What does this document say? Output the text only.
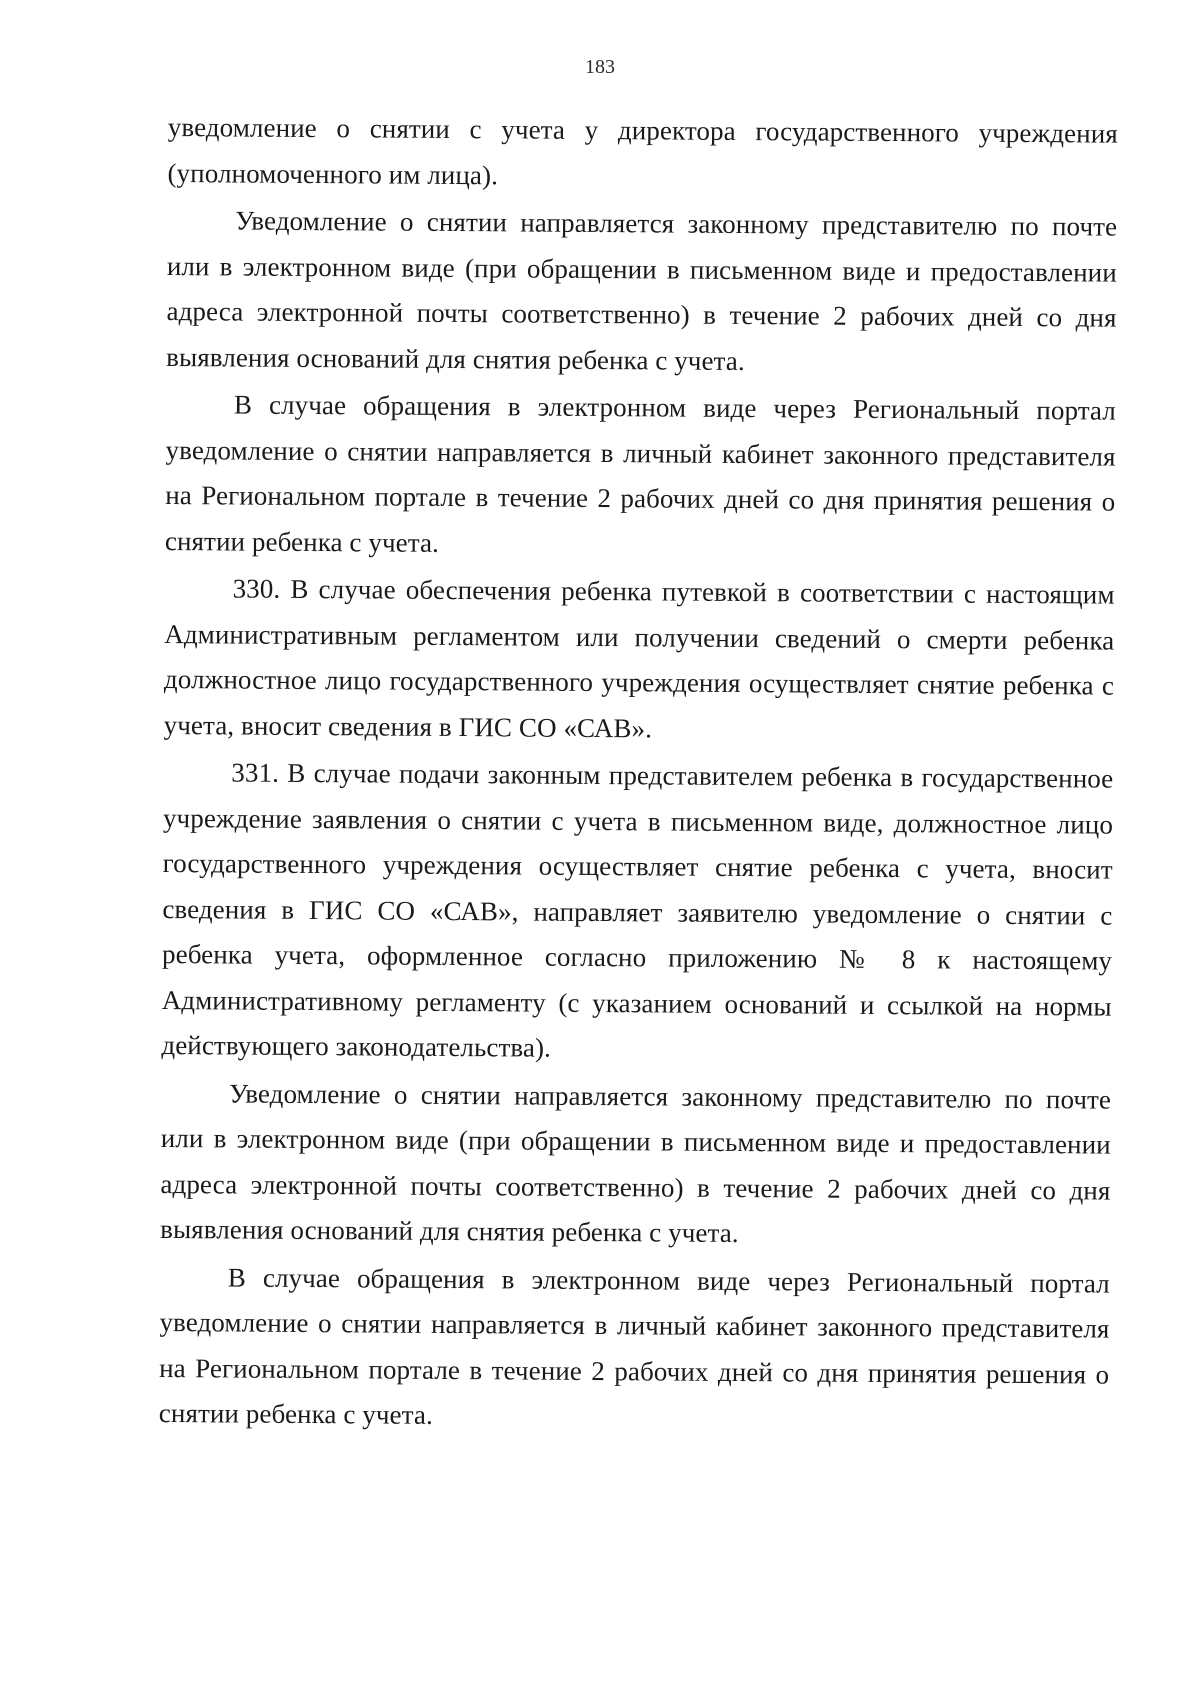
183

уведомление о снятии с учета у директора государственного учреждения (уполномоченного им лица).

Уведомление о снятии направляется законному представителю по почте или в электронном виде (при обращении в письменном виде и предоставлении адреса электронной почты соответственно) в течение 2 рабочих дней со дня выявления оснований для снятия ребенка с учета.

В случае обращения в электронном виде через Региональный портал уведомление о снятии направляется в личный кабинет законного представителя на Региональном портале в течение 2 рабочих дней со дня принятия решения о снятии ребенка с учета.

330. В случае обеспечения ребенка путевкой в соответствии с настоящим Административным регламентом или получении сведений о смерти ребенка должностное лицо государственного учреждения осуществляет снятие ребенка с учета, вносит сведения в ГИС СО «САВ».

331. В случае подачи законным представителем ребенка в государственное учреждение заявления о снятии с учета в письменном виде, должностное лицо государственного учреждения осуществляет снятие ребенка с учета, вносит сведения в ГИС СО «САВ», направляет заявителю уведомление о снятии с ребенка учета, оформленное согласно приложению № 8 к настоящему Административному регламенту (с указанием оснований и ссылкой на нормы действующего законодательства).

Уведомление о снятии направляется законному представителю по почте или в электронном виде (при обращении в письменном виде и предоставлении адреса электронной почты соответственно) в течение 2 рабочих дней со дня выявления оснований для снятия ребенка с учета.

В случае обращения в электронном виде через Региональный портал уведомление о снятии направляется в личный кабинет законного представителя на Региональном портале в течение 2 рабочих дней со дня принятия решения о снятии ребенка с учета.
